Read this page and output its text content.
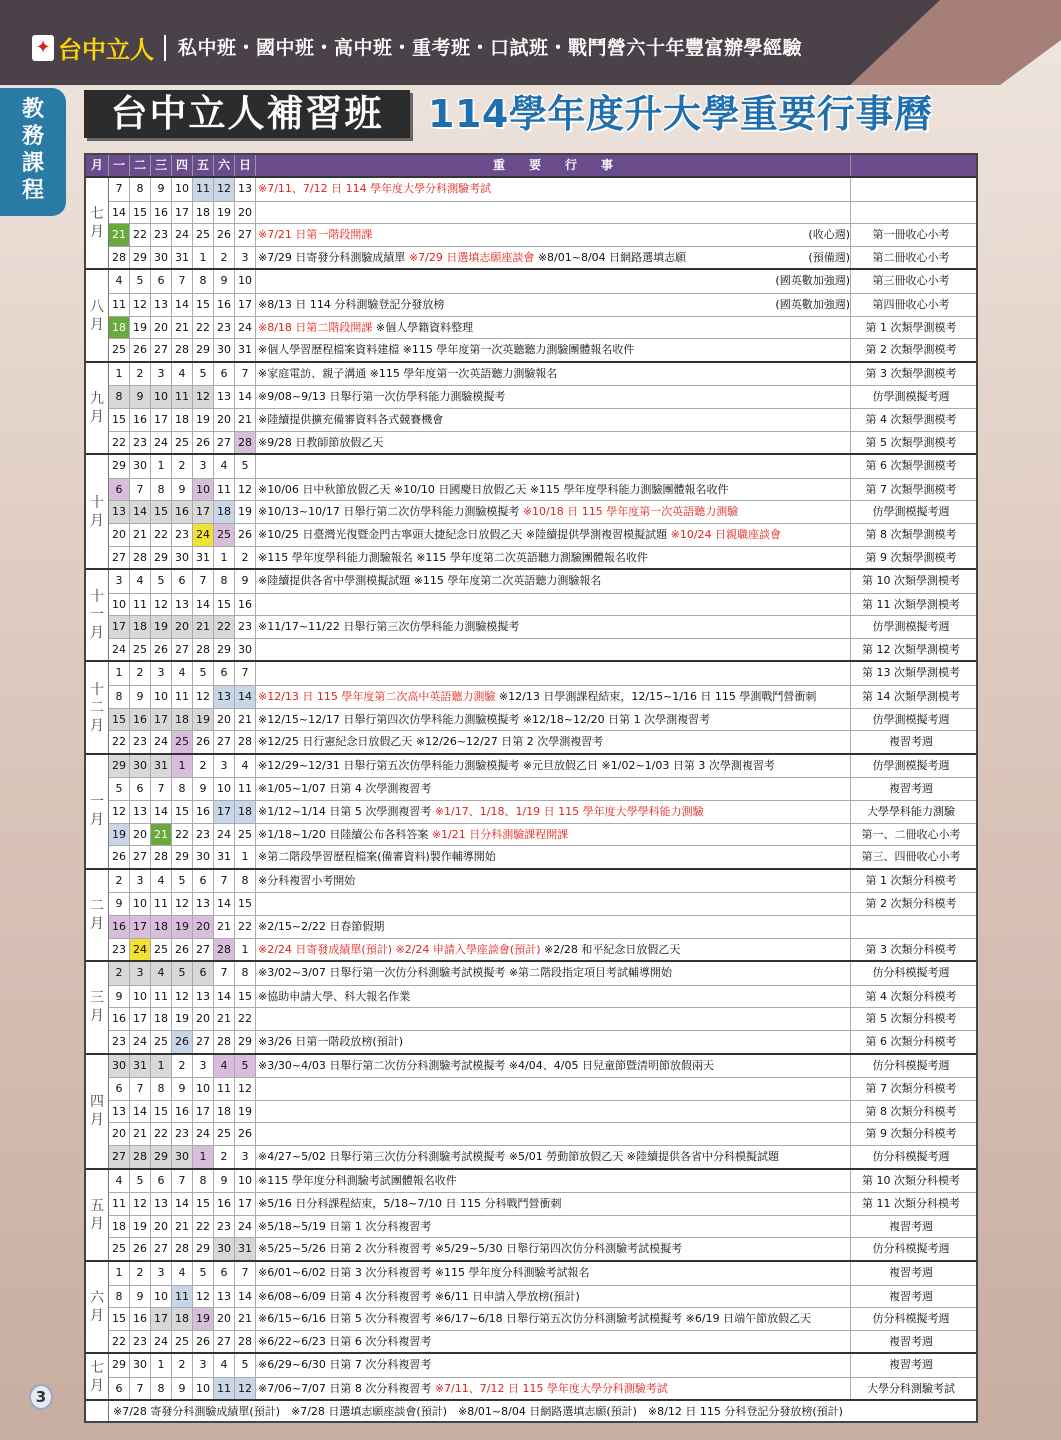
✦ 台中立人 私中班・國中班・高中班・重考班・口試班・戰鬥營六十年豐富辦學經驗
教
務
課
程
台中立人補習班	114學年度升大學重要行事曆
月 一 二 三 四 五 六 日	重　　要　　行　　事
七
月
7	8	9 10 11 12 13 ※7/11、7/12 日 114 學年度大學分科測驗考試
14 15 16 17 18 19 20
21 22 23 24 25 26 27 ※7/21 日第一階段開課	(收心週)	第一冊收心小考
28 29 30 31 1	2	3 ※7/29 日寄發分科測驗成績單 ※7/29 日選填志願座談會 ※8/01~8/04 日網路選填志願	(預備週)	第二冊收心小考
八
月
4	5	6	7	8	9 10	(國英數加強週)	第三冊收心小考
11 12 13 14 15 16 17 ※8/13 日 114 分科測驗登記分發放榜	(國英數加強週)	第四冊收心小考
18 19 20 21 22 23 24 ※8/18 日第二階段開課 ※個人學籍資料整理	第 1 次類學測模考
25 26 27 28 29 30 31 ※個人學習歷程檔案資料建檔 ※115 學年度第一次英聽聽力測驗團體報名收件	第 2 次類學測模考
九
月
1	2	3	4	5	6	7 ※家庭電訪、親子溝通 ※115 學年度第一次英語聽力測驗報名	第 3 次類學測模考
8	9 10 11 12 13 14 ※9/08~9/13 日舉行第一次仿學科能力測驗模擬考	仿學測模擬考週
15 16 17 18 19 20 21 ※陸續提供擴充備審資料各式競賽機會	第 4 次類學測模考
22 23 24 25 26 27 28 ※9/28 日教師節放假乙天	第 5 次類學測模考
十
月
29 30 1	2	3	4	5	第 6 次類學測模考
6	7	8	9 10 11 12 ※10/06 日中秋節放假乙天 ※10/10 日國慶日放假乙天 ※115 學年度學科能力測驗團體報名收件	第 7 次類學測模考
13 14 15 16 17 18 19 ※10/13~10/17 日舉行第二次仿學科能力測驗模擬考 ※10/18 日 115 學年度第一次英語聽力測驗	仿學測模擬考週
20 21 22 23 24 25 26 ※10/25 日臺灣光復暨金門古寧頭大捷紀念日放假乙天 ※陸續提供學測複習模擬試題 ※10/24 日親職座談會	第 8 次類學測模考
27 28 29 30 31 1	2 ※115 學年度學科能力測驗報名 ※115 學年度第二次英語聽力測驗團體報名收件	第 9 次類學測模考
十
一
月
3	4	5	6	7	8	9 ※陸續提供各省中學測模擬試題 ※115 學年度第二次英語聽力測驗報名	第 10 次類學測模考
10 11 12 13 14 15 16	第 11 次類學測模考
17 18 19 20 21 22 23 ※11/17~11/22 日舉行第三次仿學科能力測驗模擬考	仿學測模擬考週
24 25 26 27 28 29 30	第 12 次類學測模考
十
二
月
1	2	3	4	5	6	7	第 13 次類學測模考
8	9 10 11 12 13 14 ※12/13 日 115 學年度第二次高中英語聽力測驗 ※12/13 日學測課程結束，12/15~1/16 日 115 學測戰鬥營衝刺	第 14 次類學測模考
15 16 17 18 19 20 21 ※12/15~12/17 日舉行第四次仿學科能力測驗模擬考 ※12/18~12/20 日第 1 次學測複習考	仿學測模擬考週
22 23 24 25 26 27 28 ※12/25 日行憲紀念日放假乙天 ※12/26~12/27 日第 2 次學測複習考	複習考週
一
月
29 30 31 1	2	3	4 ※12/29~12/31 日舉行第五次仿學科能力測驗模擬考 ※元旦放假乙日 ※1/02~1/03 日第 3 次學測複習考	仿學測模擬考週
5	6	7	8	9 10 11 ※1/05~1/07 日第 4 次學測複習考	複習考週
12 13 14 15 16 17 18 ※1/12~1/14 日第 5 次學測複習考 ※1/17、1/18、1/19 日 115 學年度大學學科能力測驗	大學學科能力測驗
19 20 21 22 23 24 25 ※1/18~1/20 日陸續公布各科答案 ※1/21 日分科測驗課程開課	第一、二冊收心小考
26 27 28 29 30 31 1 ※第二階段學習歷程檔案(備審資料)製作輔導開始	第三、四冊收心小考
二
月
2	3	4	5	6	7	8 ※分科複習小考開始	第 1 次類分科模考
9 10 11 12 13 14 15	第 2 次類分科模考
16 17 18 19 20 21 22 ※2/15~2/22 日春節假期
23 24 25 26 27 28 1 ※2/24 日寄發成績單(預計) ※2/24 申請入學座談會(預計) ※2/28 和平紀念日放假乙天	第 3 次類分科模考
三
月
2	3	4	5	6	7	8 ※3/02~3/07 日舉行第一次仿分科測驗考試模擬考 ※第二階段指定項目考試輔導開始	仿分科模擬考週
9 10 11 12 13 14 15 ※協助申請大學、科大報名作業	第 4 次類分科模考
16 17 18 19 20 21 22	第 5 次類分科模考
23 24 25 26 27 28 29 ※3/26 日第一階段放榜(預計)	第 6 次類分科模考
四
月
30 31 1	2	3	4	5 ※3/30~4/03 日舉行第二次仿分科測驗考試模擬考 ※4/04、4/05 日兒童節暨清明節放假兩天	仿分科模擬考週
6	7	8	9 10 11 12	第 7 次類分科模考
13 14 15 16 17 18 19	第 8 次類分科模考
20 21 22 23 24 25 26	第 9 次類分科模考
27 28 29 30 1	2	3 ※4/27~5/02 日舉行第三次仿分科測驗考試模擬考 ※5/01 勞動節放假乙天 ※陸續提供各省中分科模擬試題	仿分科模擬考週
五
月
4	5	6	7	8	9 10 ※115 學年度分科測驗考試團體報名收件	第 10 次類分科模考
11 12 13 14 15 16 17 ※5/16 日分科課程結束，5/18~7/10 日 115 分科戰鬥營衝刺	第 11 次類分科模考
18 19 20 21 22 23 24 ※5/18~5/19 日第 1 次分科複習考	複習考週
25 26 27 28 29 30 31 ※5/25~5/26 日第 2 次分科複習考 ※5/29~5/30 日舉行第四次仿分科測驗考試模擬考	仿分科模擬考週
六
月
1	2	3	4	5	6	7 ※6/01~6/02 日第 3 次分科複習考 ※115 學年度分科測驗考試報名	複習考週
8	9 10 11 12 13 14 ※6/08~6/09 日第 4 次分科複習考 ※6/11 日申請入學放榜(預計)	複習考週
15 16 17 18 19 20 21 ※6/15~6/16 日第 5 次分科複習考 ※6/17~6/18 日舉行第五次仿分科測驗考試模擬考 ※6/19 日端午節放假乙天	仿分科模擬考週
22 23 24 25 26 27 28 ※6/22~6/23 日第 6 次分科複習考	複習考週
七
月
29 30 1	2	3	4	5 ※6/29~6/30 日第 7 次分科複習考	複習考週
6	7	8	9 10 11 12 ※7/06~7/07 日第 8 次分科複習考 ※7/11、7/12 日 115 學年度大學分科測驗考試	大學分科測驗考試
※7/28 寄發分科測驗成績單(預計)　※7/28 日選填志願座談會(預計)　※8/01~8/04 日網路選填志願(預計)　※8/12 日 115 分科登記分發放榜(預計)
3
